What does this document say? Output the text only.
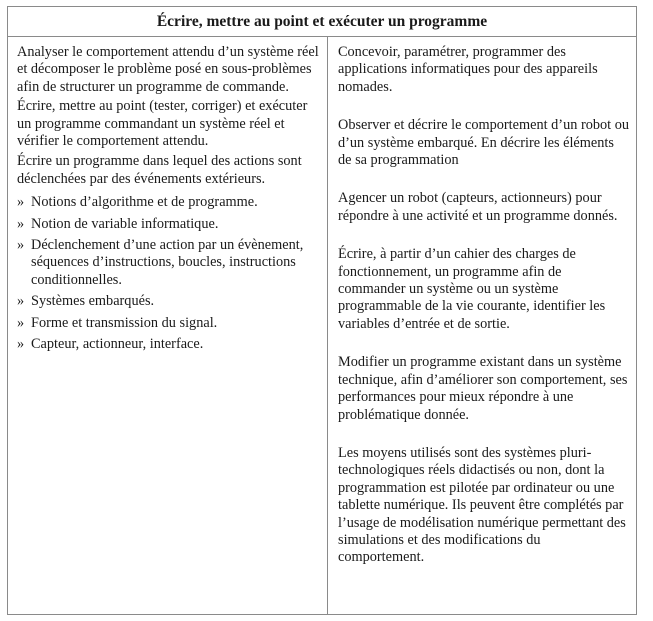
Écrire, mettre au point et exécuter un programme

Analyser le comportement attendu d’un système réel et décomposer le problème posé en sous-problèmes afin de structurer un programme de commande.

Écrire, mettre au point (tester, corriger) et exécuter un programme commandant un système réel et vérifier le comportement attendu.

Écrire un programme dans lequel des actions sont déclenchées par des événements extérieurs.

» Notions d’algorithme et de programme.
» Notion de variable informatique.
» Déclenchement d’une action par un évènement, séquences d’instructions, boucles, instructions conditionnelles.
» Systèmes embarqués.
» Forme et transmission du signal.
» Capteur, actionneur, interface.

Concevoir, paramétrer, programmer des applications informatiques pour des appareils nomades.

Observer et décrire le comportement d’un robot ou d’un système embarqué. En décrire les éléments de sa programmation

Agencer un robot (capteurs, actionneurs) pour répondre à une activité et un programme donnés.

Écrire, à partir d’un cahier des charges de fonctionnement, un programme afin de commander un système ou un système programmable de la vie courante, identifier les variables d’entrée et de sortie.

Modifier un programme existant dans un système technique, afin d’améliorer son comportement, ses performances pour mieux répondre à une problématique donnée.

Les moyens utilisés sont des systèmes pluri-technologiques réels didactisés ou non, dont la programmation est pilotée par ordinateur ou une tablette numérique. Ils peuvent être complétés par l’usage de modélisation numérique permettant des simulations et des modifications du comportement.
